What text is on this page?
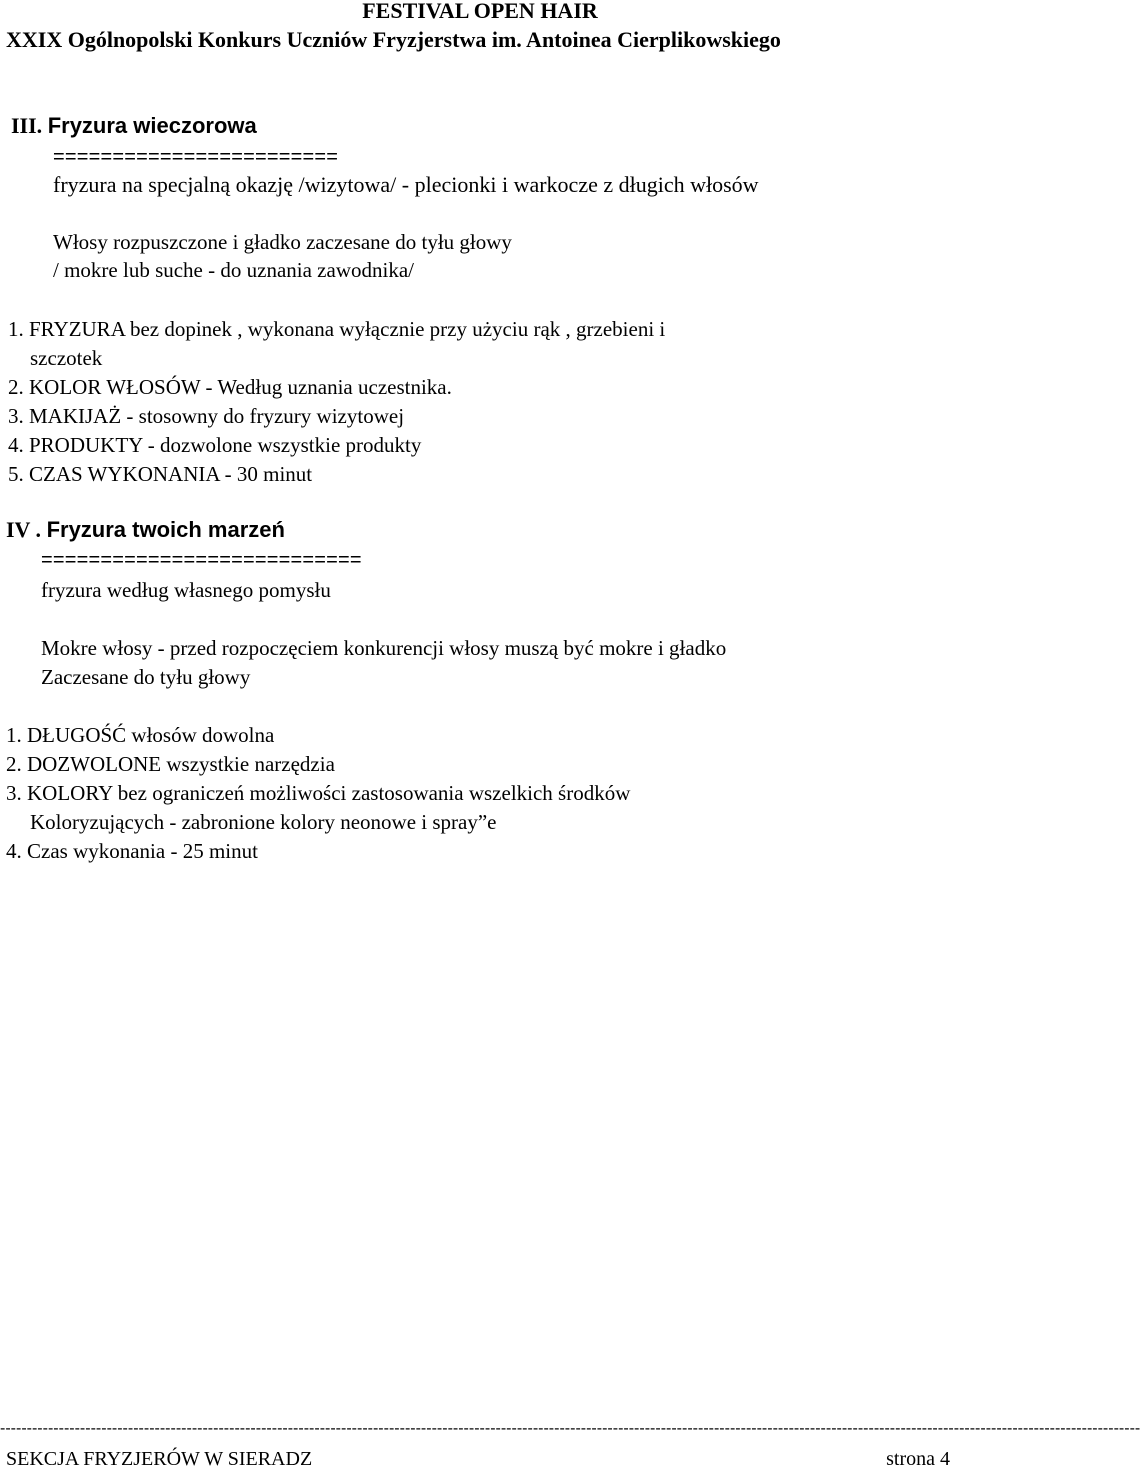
FESTIVAL OPEN HAIR
XXIX Ogólnopolski Konkurs Uczniów Fryzjerstwa im. Antoinea Cierplikowskiego
III. Fryzura wieczorowa
========================
fryzura na specjalną okazję /wizytowa/ - plecionki i warkocze z długich włosów
Włosy rozpuszczone i gładko zaczesane do tyłu głowy
/ mokre lub suche - do uznania zawodnika/
1. FRYZURA bez dopinek , wykonana wyłącznie przy użyciu rąk , grzebieni i
szczotek
2. KOLOR WŁOSÓW - Według uznania uczestnika.
3. MAKIJAŻ - stosowny do fryzury wizytowej
4. PRODUKTY - dozwolone wszystkie produkty
5. CZAS WYKONANIA - 30 minut
IV . Fryzura twoich marzeń
===========================
fryzura według własnego pomysłu
Mokre włosy - przed rozpoczęciem konkurencji włosy muszą być mokre i gładko
Zaczesane do tyłu głowy
1. DŁUGOŚĆ włosów dowolna
2. DOZWOLONE wszystkie narzędzia
3. KOLORY bez ograniczeń możliwości zastosowania wszelkich środków
Koloryzujących - zabronione kolory neonowe i spray”e
4. Czas wykonania - 25 minut
----------------------------------------------------------------------------------------------------------------------------------------------------------------------------------------------------------------------
SEKCJA FRYZJERÓW W SIERADZ	strona 4
